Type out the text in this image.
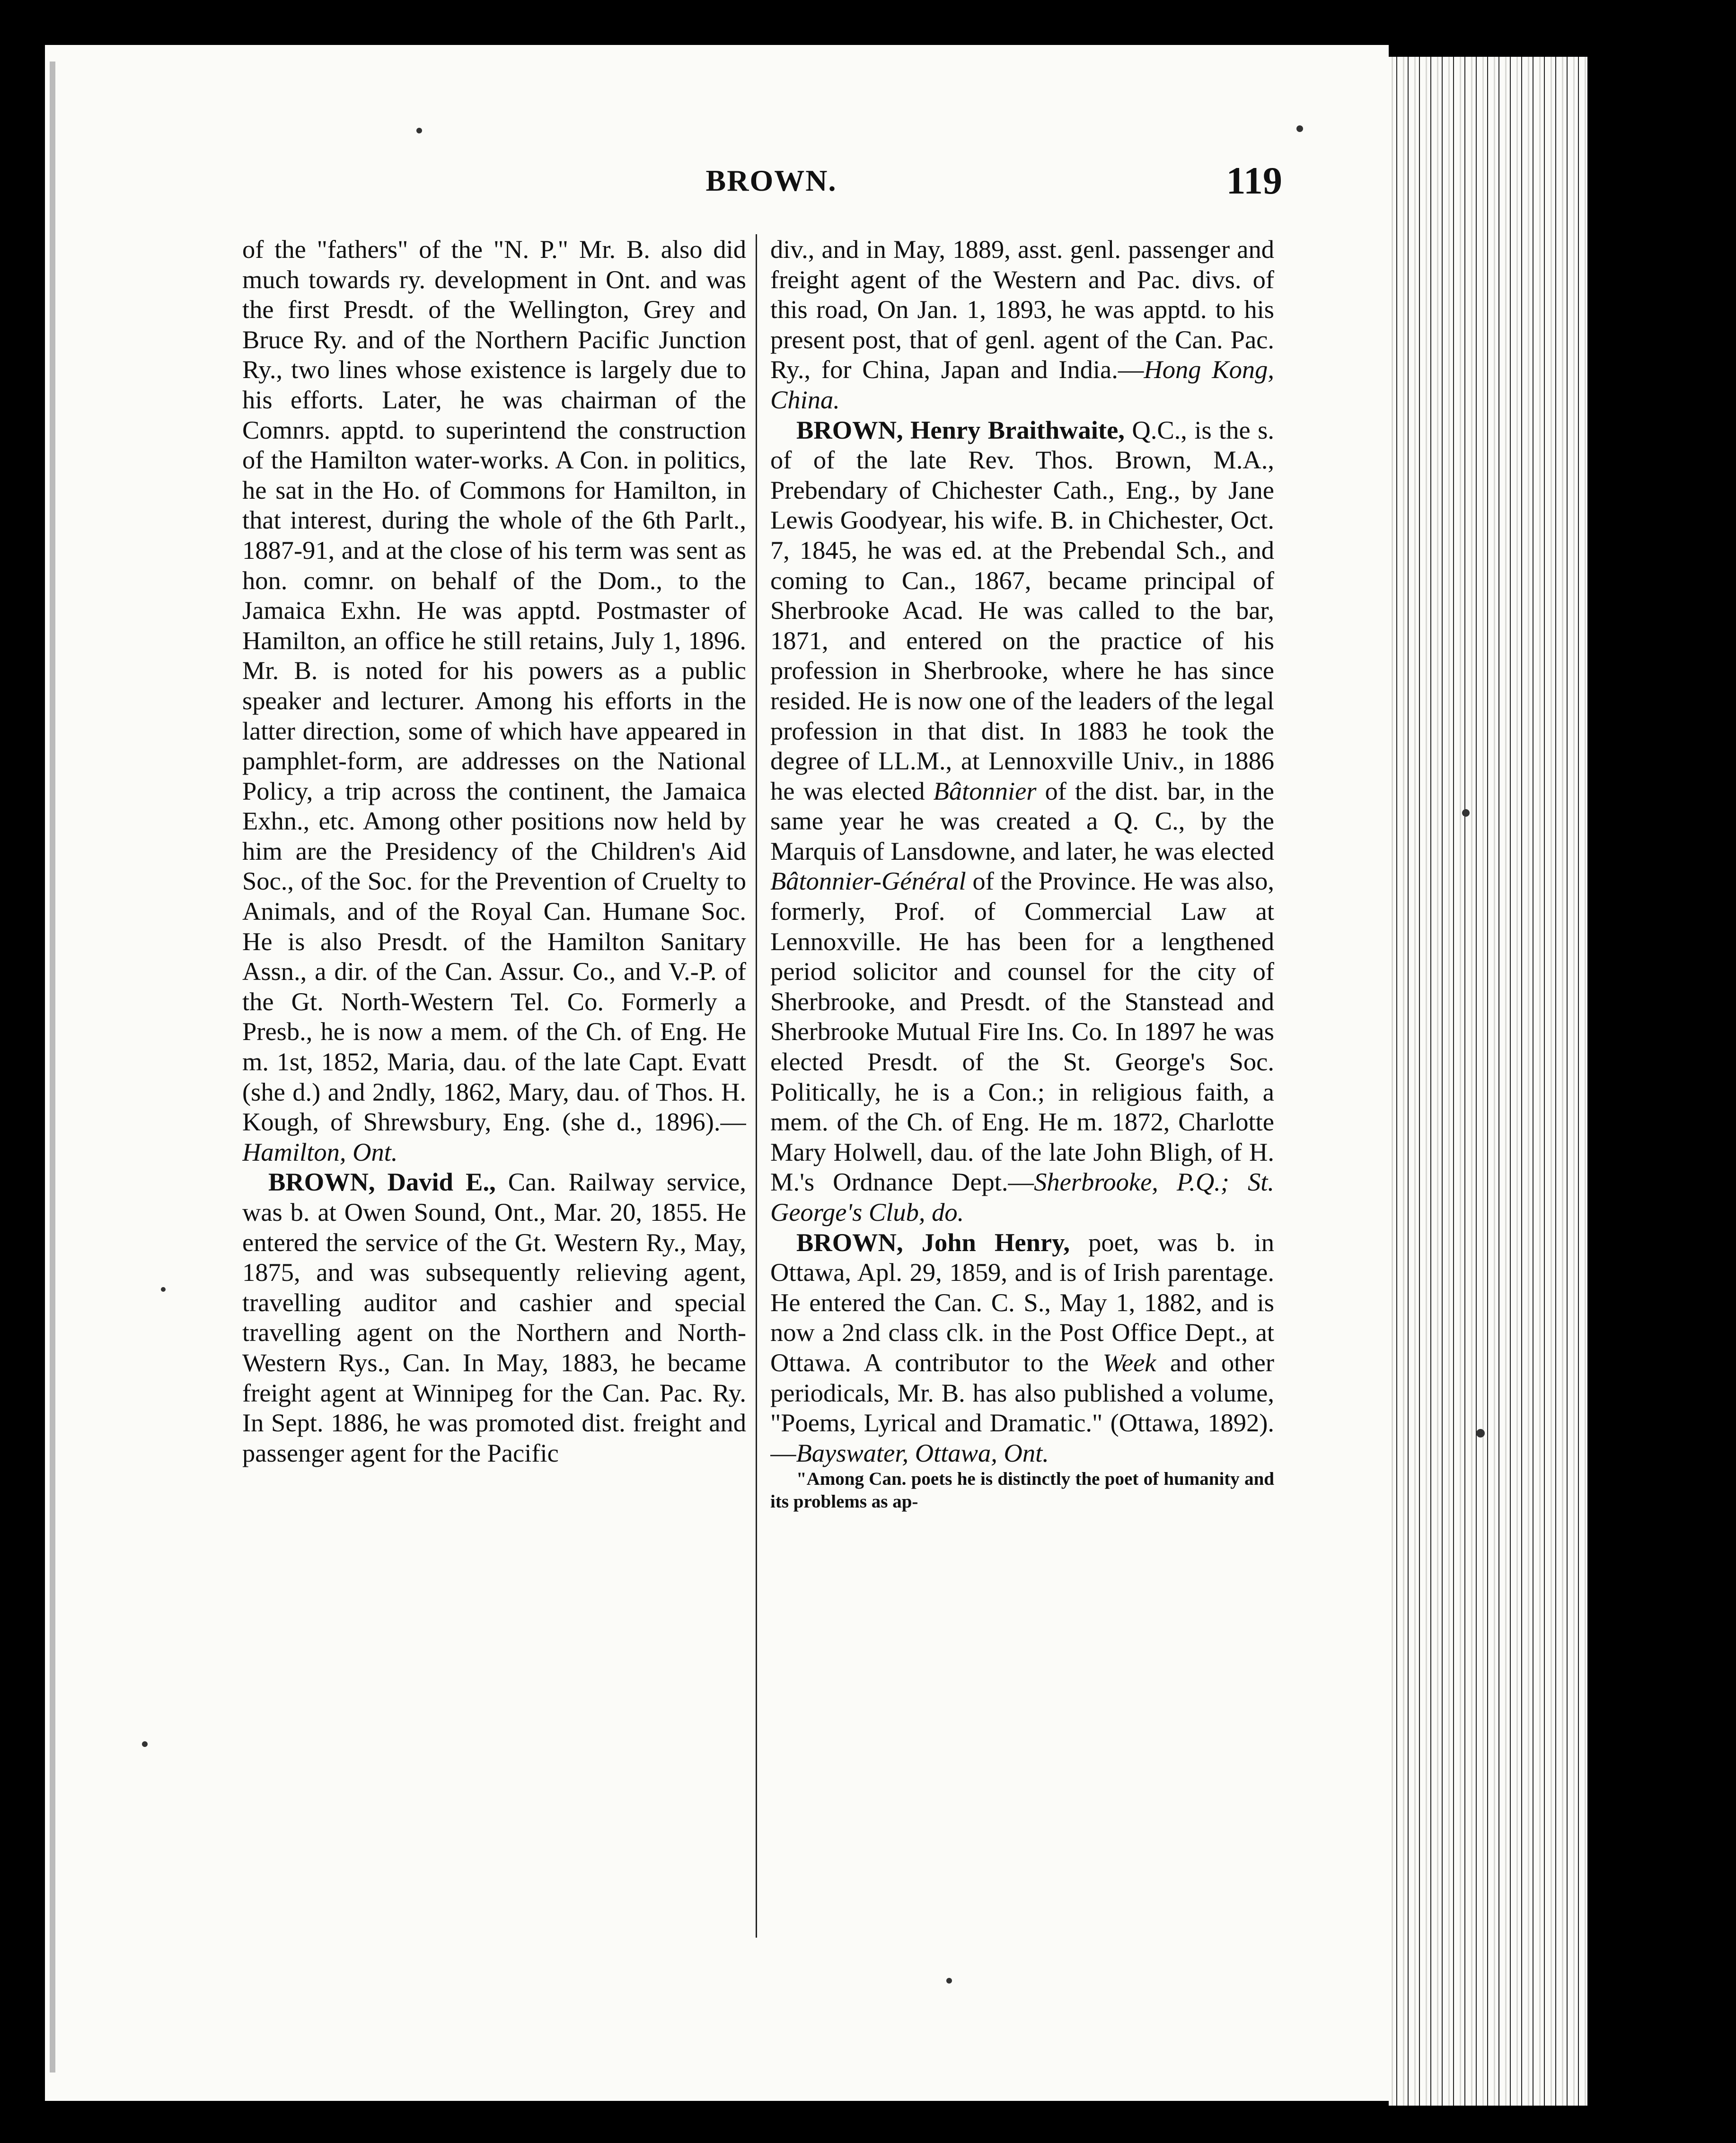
BROWN.	119

of the "fathers" of the "N. P." Mr. B. also did much towards ry. development in Ont. and was the first Presdt. of the Wellington, Grey and Bruce Ry. and of the Northern Pacific Junction Ry., two lines whose existence is largely due to his efforts. Later, he was chairman of the Comnrs. apptd. to superintend the construction of the Hamilton water-works. A Con. in politics, he sat in the Ho. of Commons for Hamilton, in that interest, during the whole of the 6th Parlt., 1887-91, and at the close of his term was sent as hon. comnr. on behalf of the Dom., to the Jamaica Exhn. He was apptd. Postmaster of Hamilton, an office he still retains, July 1, 1896. Mr. B. is noted for his powers as a public speaker and lecturer. Among his efforts in the latter direction, some of which have appeared in pamphlet-form, are addresses on the National Policy, a trip across the continent, the Jamaica Exhn., etc. Among other positions now held by him are the Presidency of the Children's Aid Soc., of the Soc. for the Prevention of Cruelty to Animals, and of the Royal Can. Humane Soc. He is also Presdt. of the Hamilton Sanitary Assn., a dir. of the Can. Assur. Co., and V.-P. of the Gt. North-Western Tel. Co. Formerly a Presb., he is now a mem. of the Ch. of Eng. He m. 1st, 1852, Maria, dau. of the late Capt. Evatt (she d.) and 2ndly, 1862, Mary, dau. of Thos. H. Kough, of Shrewsbury, Eng. (she d., 1896).—Hamilton, Ont.

BROWN, David E., Can. Railway service, was b. at Owen Sound, Ont., Mar. 20, 1855. He entered the service of the Gt. Western Ry., May, 1875, and was subsequently relieving agent, travelling auditor and cashier and special travelling agent on the Northern and North-Western Rys., Can. In May, 1883, he became freight agent at Winnipeg for the Can. Pac. Ry. In Sept. 1886, he was promoted dist. freight and passenger agent for the Pacific

div., and in May, 1889, asst. genl. passenger and freight agent of the Western and Pac. divs. of this road, On Jan. 1, 1893, he was apptd. to his present post, that of genl. agent of the Can. Pac. Ry., for China, Japan and India.—Hong Kong, China.

BROWN, Henry Braithwaite, Q.C., is the s. of of the late Rev. Thos. Brown, M.A., Prebendary of Chichester Cath., Eng., by Jane Lewis Goodyear, his wife. B. in Chichester, Oct. 7, 1845, he was ed. at the Prebendal Sch., and coming to Can., 1867, became principal of Sherbrooke Acad. He was called to the bar, 1871, and entered on the practice of his profession in Sherbrooke, where he has since resided. He is now one of the leaders of the legal profession in that dist. In 1883 he took the degree of LL.M., at Lennoxville Univ., in 1886 he was elected Bâtonnier of the dist. bar, in the same year he was created a Q. C., by the Marquis of Lansdowne, and later, he was elected Bâtonnier-Général of the Province. He was also, formerly, Prof. of Commercial Law at Lennoxville. He has been for a lengthened period solicitor and counsel for the city of Sherbrooke, and Presdt. of the Stanstead and Sherbrooke Mutual Fire Ins. Co. In 1897 he was elected Presdt. of the St. George's Soc. Politically, he is a Con.; in religious faith, a mem. of the Ch. of Eng. He m. 1872, Charlotte Mary Holwell, dau. of the late John Bligh, of H. M.'s Ordnance Dept.—Sherbrooke, P.Q.; St. George's Club, do.

BROWN, John Henry, poet, was b. in Ottawa, Apl. 29, 1859, and is of Irish parentage. He entered the Can. C. S., May 1, 1882, and is now a 2nd class clk. in the Post Office Dept., at Ottawa. A contributor to the Week and other periodicals, Mr. B. has also published a volume, "Poems, Lyrical and Dramatic." (Ottawa, 1892).—Bayswater, Ottawa, Ont.

"Among Can. poets he is distinctly the poet of humanity and its problems as ap-
